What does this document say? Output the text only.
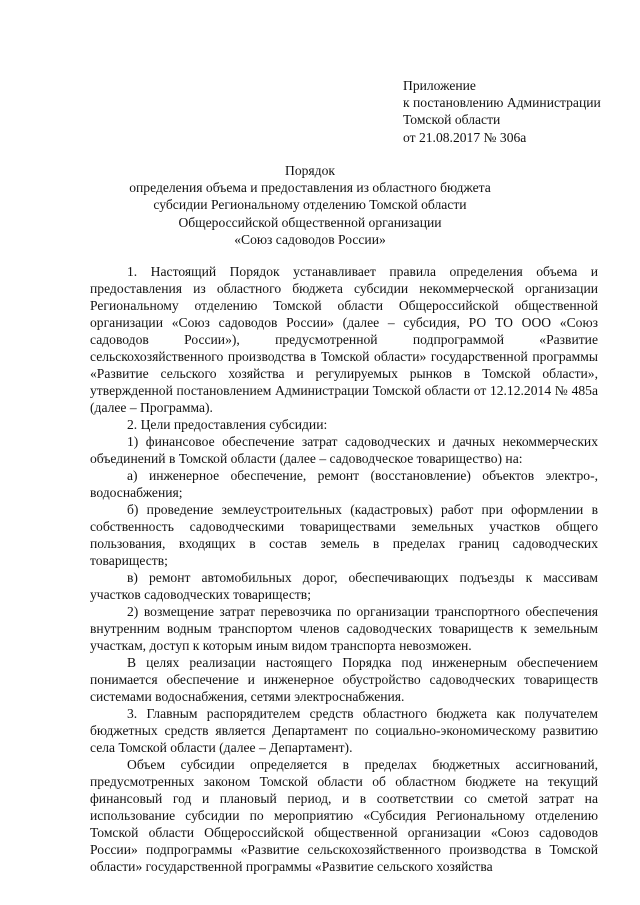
Приложение
к постановлению Администрации
Томской области
от 21.08.2017 № 306а
Порядок
определения объема и предоставления из областного бюджета
субсидии Региональному отделению Томской области
Общероссийской общественной организации
«Союз садоводов России»

1. Настоящий Порядок устанавливает правила определения объема и предоставления из областного бюджета субсидии некоммерческой организации Региональному отделению Томской области Общероссийской общественной организации «Союз садоводов России» (далее – субсидия, РО ТО ООО «Союз садоводов России»), предусмотренной подпрограммой «Развитие сельскохозяйственного производства в Томской области» государственной программы «Развитие сельского хозяйства и регулируемых рынков в Томской области», утвержденной постановлением Администрации Томской области от 12.12.2014 № 485а (далее – Программа).

2. Цели предоставления субсидии:

1) финансовое обеспечение затрат садоводческих и дачных некоммерческих объединений в Томской области (далее – садоводческое товарищество) на:

а) инженерное обеспечение, ремонт (восстановление) объектов электро-, водоснабжения;

б) проведение землеустроительных (кадастровых) работ при оформлении в собственность садоводческими товариществами земельных участков общего пользования, входящих в состав земель в пределах границ садоводческих товариществ;

в) ремонт автомобильных дорог, обеспечивающих подъезды к массивам участков садоводческих товариществ;

2) возмещение затрат перевозчика по организации транспортного обеспечения внутренним водным транспортом членов садоводческих товариществ к земельным участкам, доступ к которым иным видом транспорта невозможен.

В целях реализации настоящего Порядка под инженерным обеспечением понимается обеспечение и инженерное обустройство садоводческих товариществ системами водоснабжения, сетями электроснабжения.

3. Главным распорядителем средств областного бюджета как получателем бюджетных средств является Департамент по социально-экономическому развитию села Томской области (далее – Департамент).

Объем субсидии определяется в пределах бюджетных ассигнований, предусмотренных законом Томской области об областном бюджете на текущий финансовый год и плановый период, и в соответствии со сметой затрат на использование субсидии по мероприятию «Субсидия Региональному отделению Томской области Общероссийской общественной организации «Союз садоводов России» подпрограммы «Развитие сельскохозяйственного производства в Томской области» государственной программы «Развитие сельского хозяйства
